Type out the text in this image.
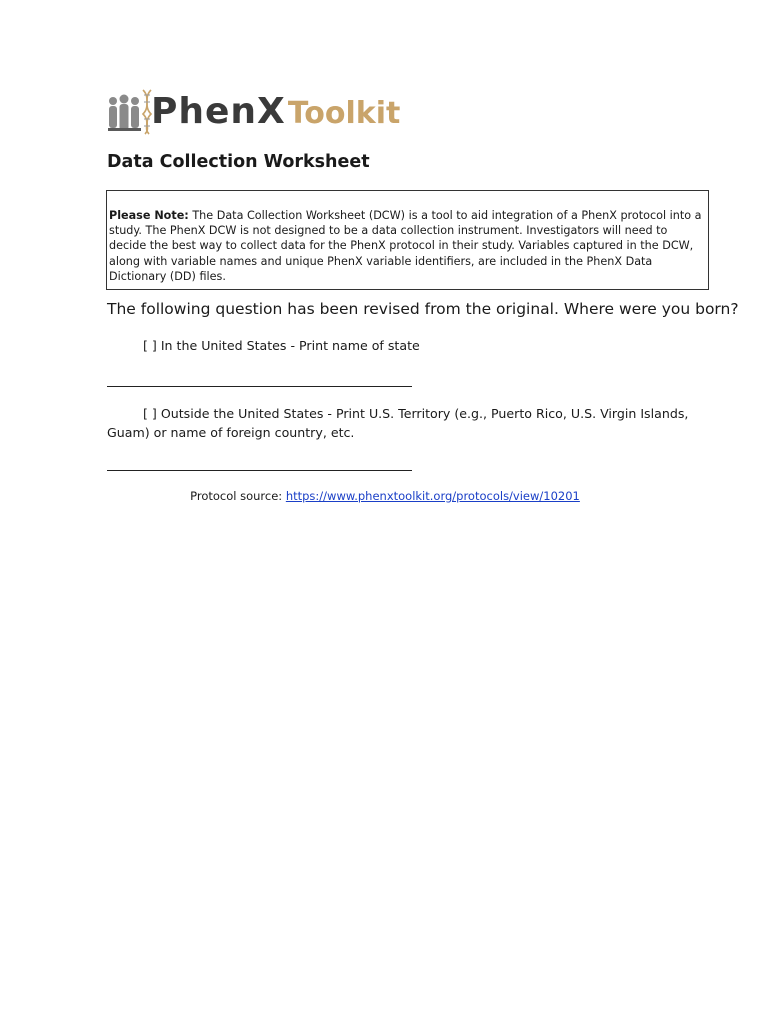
PhenXToolkit
Data Collection Worksheet
Please Note: The Data Collection Worksheet (DCW) is a tool to aid integration of a PhenX protocol into a study. The PhenX DCW is not designed to be a data collection instrument. Investigators will need to decide the best way to collect data for the PhenX protocol in their study. Variables captured in the DCW, along with variable names and unique PhenX variable identifiers, are included in the PhenX Data Dictionary (DD) files.

The following question has been revised from the original. Where were you born?

[ ] In the United States - Print name of state
[ ] Outside the United States - Print U.S. Territory (e.g., Puerto Rico, U.S. Virgin Islands, Guam) or name of foreign country, etc.
Protocol source: https://www.phenxtoolkit.org/protocols/view/10201
